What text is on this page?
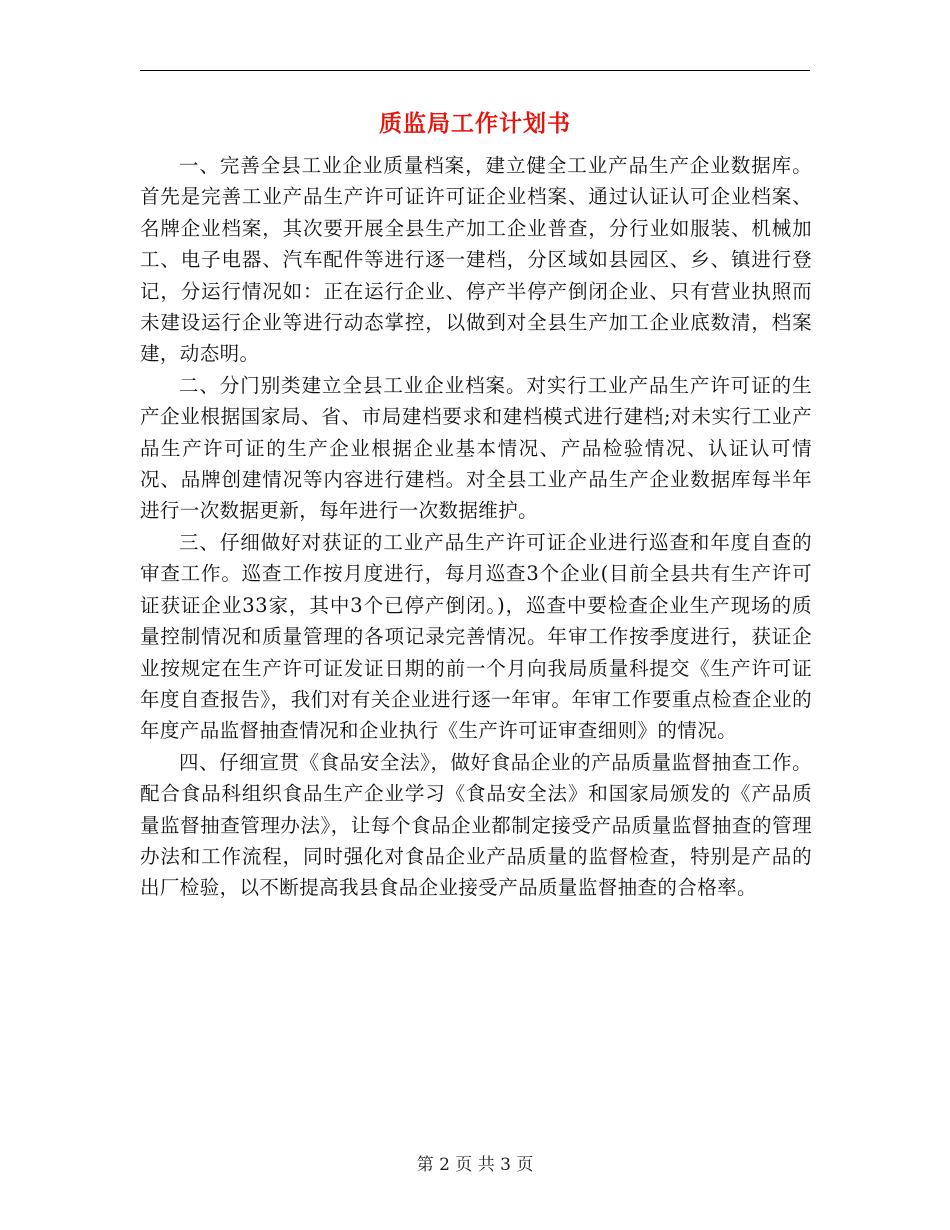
质监局工作计划书

一、完善全县工业企业质量档案，建立健全工业产品生产企业数据库。首先是完善工业产品生产许可证许可证企业档案、通过认证认可企业档案、名牌企业档案，其次要开展全县生产加工企业普查，分行业如服装、机械加工、电子电器、汽车配件等进行逐一建档，分区域如县园区、乡、镇进行登记，分运行情况如：正在运行企业、停产半停产倒闭企业、只有营业执照而未建设运行企业等进行动态掌控，以做到对全县生产加工企业底数清，档案建，动态明。

二、分门别类建立全县工业企业档案。对实行工业产品生产许可证的生产企业根据国家局、省、市局建档要求和建档模式进行建档;对未实行工业产品生产许可证的生产企业根据企业基本情况、产品检验情况、认证认可情况、品牌创建情况等内容进行建档。对全县工业产品生产企业数据库每半年进行一次数据更新，每年进行一次数据维护。

三、仔细做好对获证的工业产品生产许可证企业进行巡查和年度自查的审查工作。巡查工作按月度进行，每月巡查3个企业(目前全县共有生产许可证获证企业33家，其中3个已停产倒闭。)，巡查中要检查企业生产现场的质量控制情况和质量管理的各项记录完善情况。年审工作按季度进行，获证企业按规定在生产许可证发证日期的前一个月向我局质量科提交《生产许可证年度自查报告》，我们对有关企业进行逐一年审。年审工作要重点检查企业的年度产品监督抽查情况和企业执行《生产许可证审查细则》的情况。

四、仔细宣贯《食品安全法》，做好食品企业的产品质量监督抽查工作。配合食品科组织食品生产企业学习《食品安全法》和国家局颁发的《产品质量监督抽查管理办法》，让每个食品企业都制定接受产品质量监督抽查的管理办法和工作流程，同时强化对食品企业产品质量的监督检查，特别是产品的出厂检验，以不断提高我县食品企业接受产品质量监督抽查的合格率。

第 2 页 共 3 页
